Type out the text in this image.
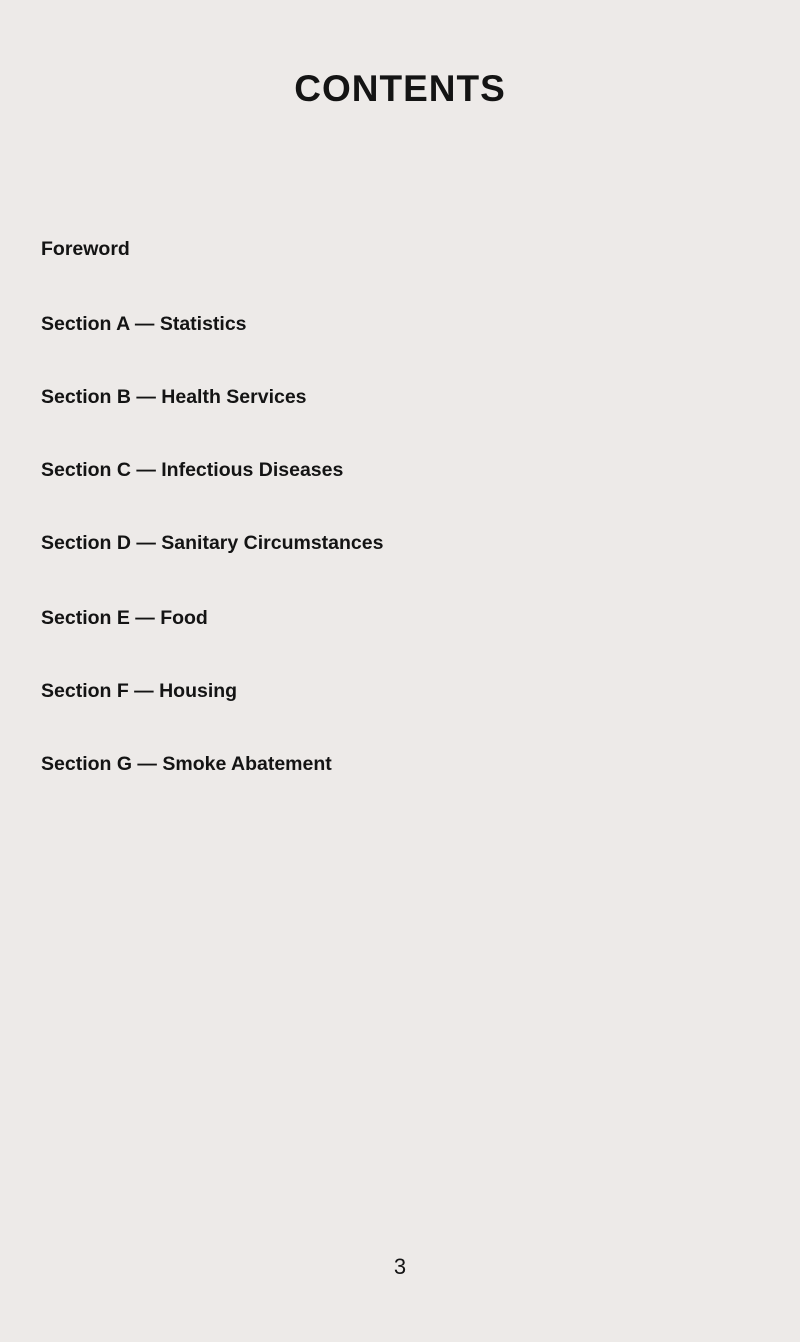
CONTENTS
Foreword
Section A — Statistics
Section B — Health Services
Section C — Infectious Diseases
Section D — Sanitary Circumstances
Section E — Food
Section F — Housing
Section G — Smoke Abatement
3
